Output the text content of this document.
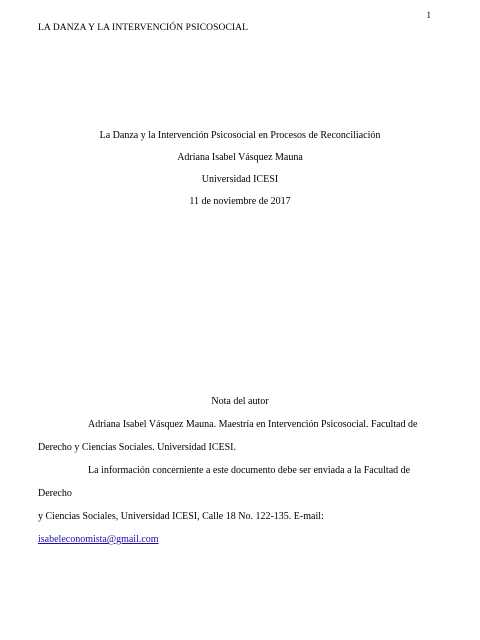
1
LA DANZA Y LA INTERVENCIÓN PSICOSOCIAL
La Danza y la Intervención Psicosocial en Procesos de Reconciliación
Adriana Isabel Vásquez Mauna
Universidad ICESI
11 de noviembre de 2017
Nota del autor
Adriana Isabel Vásquez Mauna. Maestría en Intervención Psicosocial. Facultad de
Derecho y Ciencias Sociales. Universidad ICESI.
La información concerniente a este documento debe ser enviada a la Facultad de Derecho
y Ciencias Sociales, Universidad ICESI, Calle 18 No. 122-135. E-mail:
isabeleconomista@gmail.com
